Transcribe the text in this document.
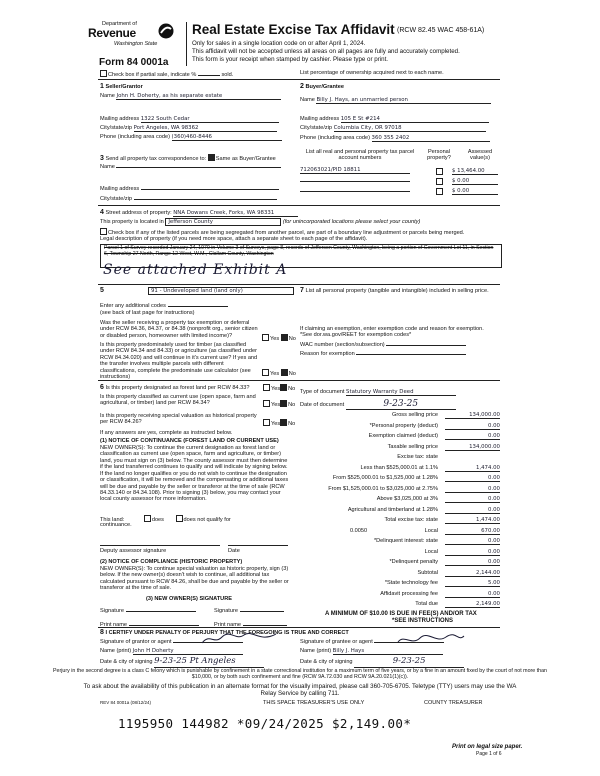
Department of
Revenue
Washington State
Form 84 0001a
Real Estate Excise Tax Affidavit (RCW 82.45 WAC 458-61A)
Only for sales in a single location code on or after April 1, 2024.
This affidavit will not be accepted unless all areas on all pages are fully and accurately completed.
This form is your receipt when stamped by cashier. Please type or print.
Check box if partial sale, indicate %	sold.	List percentage of ownership acquired next to each name.
1 Seller/Grantor
Name John H. Doherty, as his separate estate
Mailing address 1322 South Cedar
City/state/zip Port Angeles, WA 98362
Phone (including area code) (360)460-8446
2 Buyer/Grantee
Name Billy J. Hays, an unmarried person
Mailing address 105 E St #214
City/state/zip Columbia City, OR 97018
Phone (including area code) 360 355 2402
3 Send all property tax correspondence to: Same as Buyer/Grantee
Name
Mailing address
City/state/zip
List all real and personal property tax parcel account numbers
Personal property?
Assessed value(s)
712063021/PID 18811	$ 13,464.00
$ 0.00
$ 0.00
4 Street address of property: NNA Dowans Creek, Forks, WA 98331
This property is located in Jefferson County	(for unincorporated locations please select your county)
Check box if any of the listed parcels are being segregated from another parcel, are part of a boundary line adjustment or parcels being merged.
Legal description of property (if you need more space, attach a separate sheet to each page of the affidavit).
Parcel 1 of Survey recorded January 24, 1979 in Volume 3 of Surveys, page 8, records of Jefferson County, Washington, being a portion of Government Lot 11, in Section 6, Township 27 North, Range 12 West, W.M., Clallam County, Washington
See attached Exhibit A
5	91 - Undeveloped land (land only)
Enter any additional codes
(see back of last page for instructions)
Was the seller receiving a property tax exemption or deferral under RCW 84.36, 84.37, or 84.38 (nonprofit org., senior citizen or disabled person, homeowner with limited income)?
Yes No
Is this property predominately used for timber (as classified under RCW 84.34 and 84.33) or agriculture (as classified under RCW 84.34.020) and will continue in it's current use? If yes and the transfer involves multiple parcels with different classifications, complete the predominate use calculator (see instructions)
Yes No
7 List all personal property (tangible and intangible) included in selling price.
If claiming an exemption, enter exemption code and reason for exemption. *See dor.wa.gov/REET for exemption codes*
WAC number (section/subsection)
Reason for exemption
6 Is this property designated as forest land per RCW 84.33?	Yes No
Is this property classified as current use (open space, farm and agricultural, or timber) land per RCW 84.34?	Yes No
Is this property receiving special valuation as historical property per RCW 84.26?	Yes No
If any answers are yes, complete as instructed below.
(1) NOTICE OF CONTINUANCE (FOREST LAND OR CURRENT USE)
NEW OWNER(S): To continue the current designation as forest land or classification as current use (open space, farm and agriculture, or timber) land, you must sign on (3) below. The county assessor must then determine if the land transferred continues to qualify and will indicate by signing below. If the land no longer qualifies or you do not wish to continue the designation or classification, it will be removed and the compensating or additional taxes will be due and payable by the seller or transferor at the time of sale (RCW 84.33.140 or 84.34.108). Prior to signing (3) below, you may contact your local county assessor for more information.
This land:	does	does not qualify for
continuance.
Deputy assessor signature	Date
(2) NOTICE OF COMPLIANCE (HISTORIC PROPERTY)
NEW OWNER(S): To continue special valuation as historic property, sign (3) below. If the new owner(s) doesn't wish to continue, all additional tax calculated pursuant to RCW 84.26, shall be due and payable by the seller or transferor at the time of sale.
(3) NEW OWNER(S) SIGNATURE
Signature
Print name
Signature
Print name
Type of document Statutory Warranty Deed
Date of document	9-23-25
Gross selling price	134,000.00
*Personal property (deduct)	0.00
Exemption claimed (deduct)	0.00
Taxable selling price	134,000.00
Excise tax: state
Less than $525,000.01 at 1.1%	1,474.00
From $525,000.01 to $1,525,000 at 1.28%	0.00
From $1,525,000.01 to $3,025,000 at 2.75%	0.00
Above $3,025,000 at 3%	0.00
Agricultural and timberland at 1.28%	0.00
Total excise tax: state	1,474.00
Local	670.00
*Delinquent interest: state	0.00
Local	0.00
*Delinquent penalty	0.00
Subtotal	2,144.00
*State technology fee	5.00
Affidavit processing fee	0.00
Total due	2,149.00
0.0050
A MINIMUM OF $10.00 IS DUE IN FEE(S) AND/OR TAX
*SEE INSTRUCTIONS
8 I CERTIFY UNDER PENALTY OF PERJURY THAT THE FOREGOING IS TRUE AND CORRECT
Signature of grantor or agent
Name (print) John H Doherty
Date & city of signing 9-23-25 Pt Angeles
Signature of grantee or agent
Name (print) Billy J. Hays
Date & city of signing	9-23-25
Perjury in the second degree is a class C felony which is punishable by confinement in a state correctional institution for a maximum term of five years, or by a fine in an amount fixed by the court of not more than $10,000, or by both such confinement and fine (RCW 9A.72.030 and RCW 9A.20.021(1)(c)).
To ask about the availability of this publication in an alternate format for the visually impaired, please call 360-705-6705. Teletype (TTY) users may use the WA Relay Service by calling 711.
REV 84 0001a (08/12/24)	THIS SPACE TREASURER'S USE ONLY	COUNTY TREASURER
1195950 144982 *09/24/2025 $2,149.00*
Print on legal size paper.
Page 1 of 6
